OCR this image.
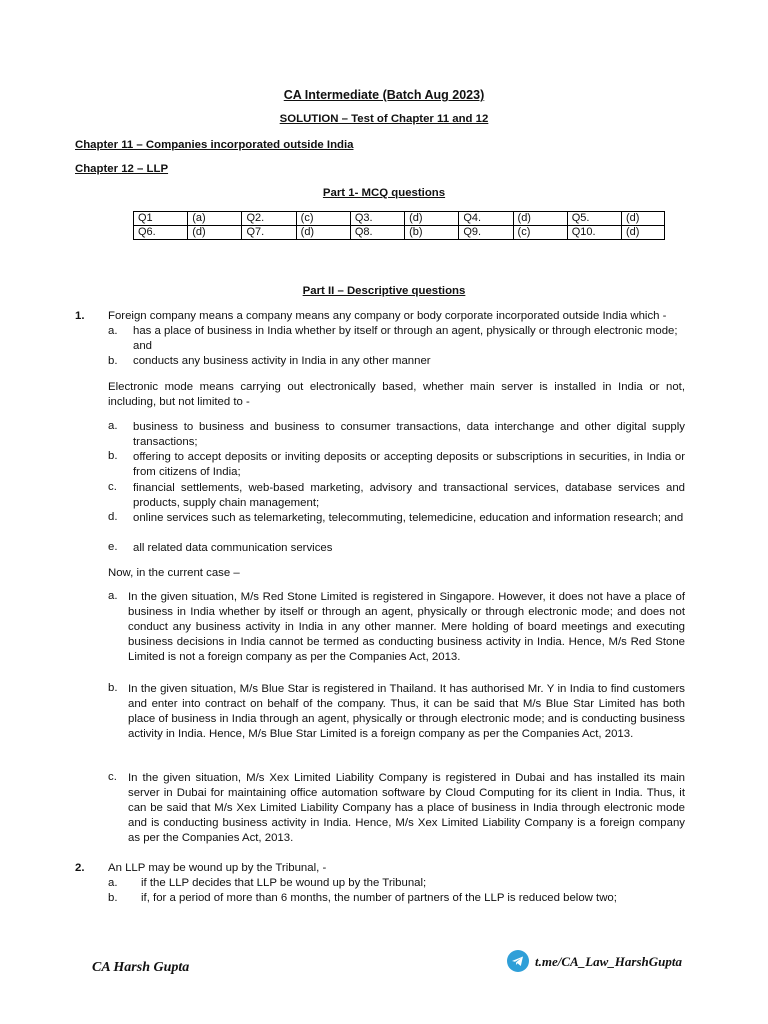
CA Intermediate (Batch Aug 2023)
SOLUTION – Test of Chapter 11 and 12
Chapter 11 – Companies incorporated outside India
Chapter 12 – LLP
Part 1- MCQ questions
Q1	(a)	Q2.	(c)	Q3.	(d)	Q4.	(d)	Q5.	(d)
Q6.	(d)	Q7.	(d)	Q8.	(b)	Q9.	(c)	Q10.	(d)
Part II – Descriptive questions
1. Foreign company means a company means any company or body corporate incorporated outside India which -
a. has a place of business in India whether by itself or through an agent, physically or through electronic mode;
and
b. conducts any business activity in India in any other manner
Electronic mode means carrying out electronically based, whether main server is installed in India or not, including, but not limited to -
a. business to business and business to consumer transactions, data interchange and other digital supply transactions;
b. offering to accept deposits or inviting deposits or accepting deposits or subscriptions in securities, in India or from citizens of India;
c. financial settlements, web-based marketing, advisory and transactional services, database services and products, supply chain management;
d. online services such as telemarketing, telecommuting, telemedicine, education and information research; and
e. all related data communication services
Now, in the current case –
a. In the given situation, M/s Red Stone Limited is registered in Singapore. However, it does not have a place of business in India whether by itself or through an agent, physically or through electronic mode; and does not conduct any business activity in India in any other manner. Mere holding of board meetings and executing business decisions in India cannot be termed as conducting business activity in India. Hence, M/s Red Stone Limited is not a foreign company as per the Companies Act, 2013.
b. In the given situation, M/s Blue Star is registered in Thailand. It has authorised Mr. Y in India to find customers and enter into contract on behalf of the company. Thus, it can be said that M/s Blue Star Limited has both place of business in India through an agent, physically or through electronic mode; and is conducting business activity in India. Hence, M/s Blue Star Limited is a foreign company as per the Companies Act, 2013.
c. In the given situation, M/s Xex Limited Liability Company is registered in Dubai and has installed its main server in Dubai for maintaining office automation software by Cloud Computing for its client in India. Thus, it can be said that M/s Xex Limited Liability Company has a place of business in India through electronic mode and is conducting business activity in India. Hence, M/s Xex Limited Liability Company is a foreign company as per the Companies Act, 2013.
2. An LLP may be wound up by the Tribunal, -
a. if the LLP decides that LLP be wound up by the Tribunal;
b. if, for a period of more than 6 months, the number of partners of the LLP is reduced below two;
CA Harsh Gupta	t.me/CA_Law_HarshGupta
